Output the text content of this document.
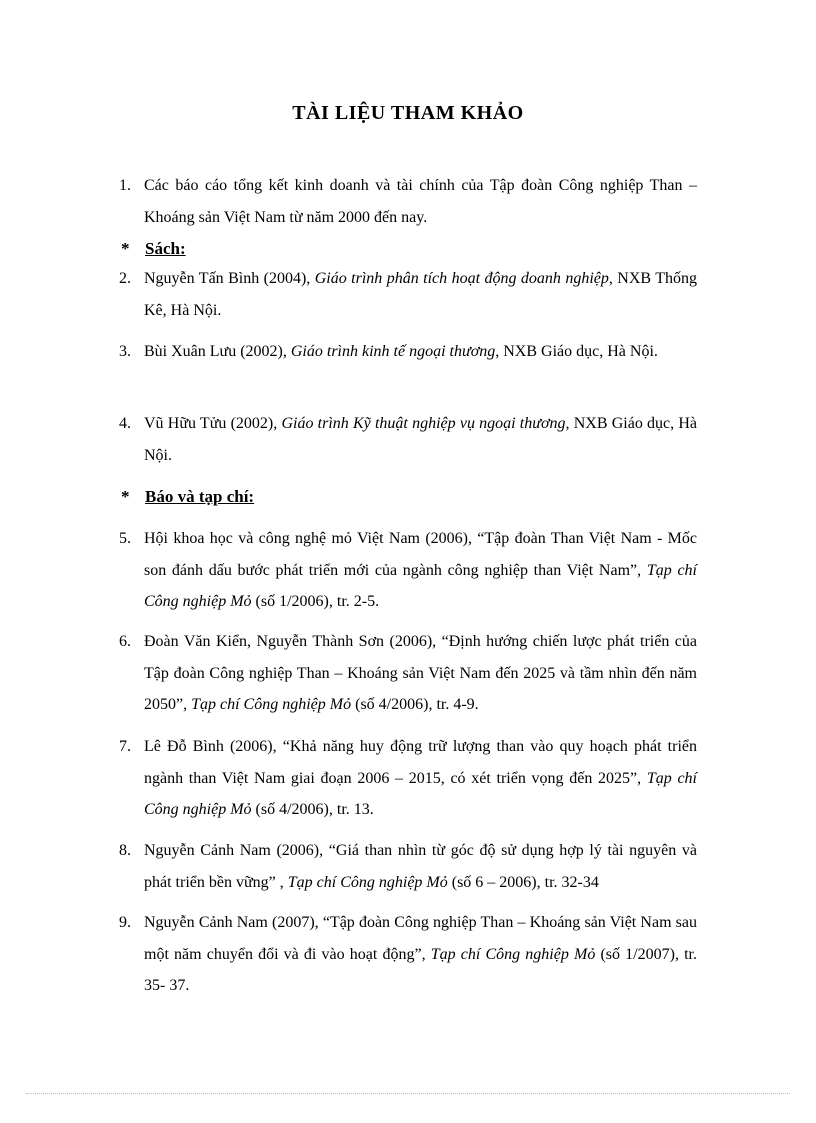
TÀI LIỆU THAM KHẢO
1. Các báo cáo tổng kết kinh doanh và tài chính của Tập đoàn Công nghiệp Than – Khoáng sản Việt Nam từ năm 2000 đến nay.
* Sách:
2. Nguyễn Tấn Bình (2004), Giáo trình phân tích hoạt động doanh nghiệp, NXB Thống Kê, Hà Nội.
3. Bùi Xuân Lưu (2002), Giáo trình kinh tế ngoại thương, NXB Giáo dục, Hà Nội.
4. Vũ Hữu Tửu (2002), Giáo trình Kỹ thuật nghiệp vụ ngoại thương, NXB Giáo dục, Hà Nội.
* Báo và tạp chí:
5. Hội khoa học và công nghệ mỏ Việt Nam (2006), “Tập đoàn Than Việt Nam - Mốc son đánh dấu bước phát triển mới của ngành công nghiệp than Việt Nam”, Tạp chí Công nghiệp Mỏ (số 1/2006), tr. 2-5.
6. Đoàn Văn Kiển, Nguyễn Thành Sơn (2006), “Định hướng chiến lược phát triển của Tập đoàn Công nghiệp Than – Khoáng sản Việt Nam đến 2025 và tầm nhìn đến năm 2050”, Tạp chí Công nghiệp Mỏ (số 4/2006), tr. 4-9.
7. Lê Đỗ Bình (2006), “Khả năng huy động trữ lượng than vào quy hoạch phát triển ngành than Việt Nam giai đoạn 2006 – 2015, có xét triển vọng đến 2025”, Tạp chí Công nghiệp Mỏ (số 4/2006), tr. 13.
8. Nguyễn Cảnh Nam (2006), “Giá than nhìn từ góc độ sử dụng hợp lý tài nguyên và phát triển bền vững” , Tạp chí Công nghiệp Mỏ (số 6 – 2006), tr. 32-34
9. Nguyễn Cảnh Nam (2007), “Tập đoàn Công nghiệp Than – Khoáng sản Việt Nam sau một năm chuyển đổi và đi vào hoạt động”, Tạp chí Công nghiệp Mỏ (số 1/2007), tr. 35- 37.
